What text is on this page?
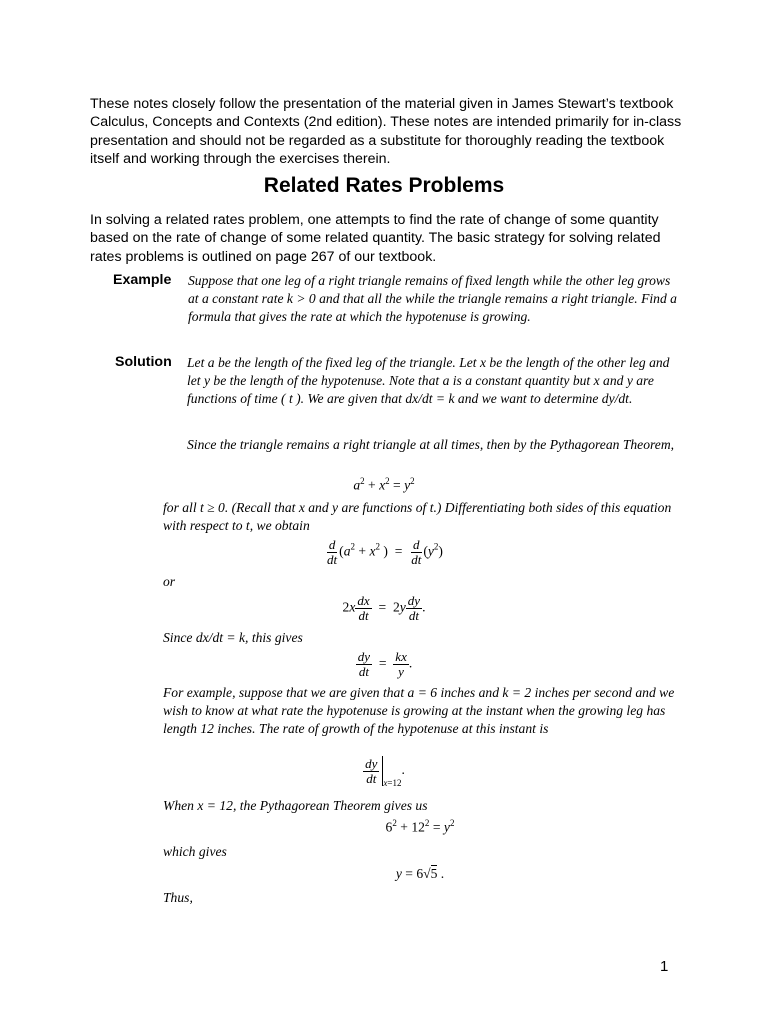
These notes closely follow the presentation of the material given in James Stewart’s textbook Calculus, Concepts and Contexts (2nd edition). These notes are intended primarily for in-class presentation and should not be regarded as a substitute for thoroughly reading the textbook itself and working through the exercises therein.
Related Rates Problems
In solving a related rates problem, one attempts to find the rate of change of some quantity based on the rate of change of some related quantity. The basic strategy for solving related rates problems is outlined on page 267 of our textbook.
Example Suppose that one leg of a right triangle remains of fixed length while the other leg grows at a constant rate k > 0 and that all the while the triangle remains a right triangle. Find a formula that gives the rate at which the hypotenuse is growing.
Solution Let a be the length of the fixed leg of the triangle. Let x be the length of the other leg and let y be the length of the hypotenuse. Note that a is a constant quantity but x and y are functions of time ( t ). We are given that dx/dt = k and we want to determine dy/dt.
Since the triangle remains a right triangle at all times, then by the Pythagorean Theorem,
$a^2 + x^2 = y^2$
for all t ≥ 0. (Recall that x and y are functions of t.) Differentiating both sides of this equation with respect to t, we obtain
$\frac{d}{dt} (a^2 + x^2$ )  = $\frac{d}{dt} (y^2)$
or
$2x \frac{dx}{dt} = 2y \frac{dy}{dt}$ .
Since dx/dt = k, this gives
$\frac{dy}{dt} = \frac{kx}{y}$ .
For example, suppose that we are given that a = 6 inches and k = 2 inches per second and we wish to know at what rate the hypotenuse is growing at the instant when the growing leg has length 12 inches. The rate of growth of the hypotenuse at this instant is
$\frac{dy}{dt} _{x=12}$.
When x = 12, the Pythagorean Theorem gives us
$6^2 + 12^2 = y^2$
which gives
y = 6√5 .
Thus,
1
